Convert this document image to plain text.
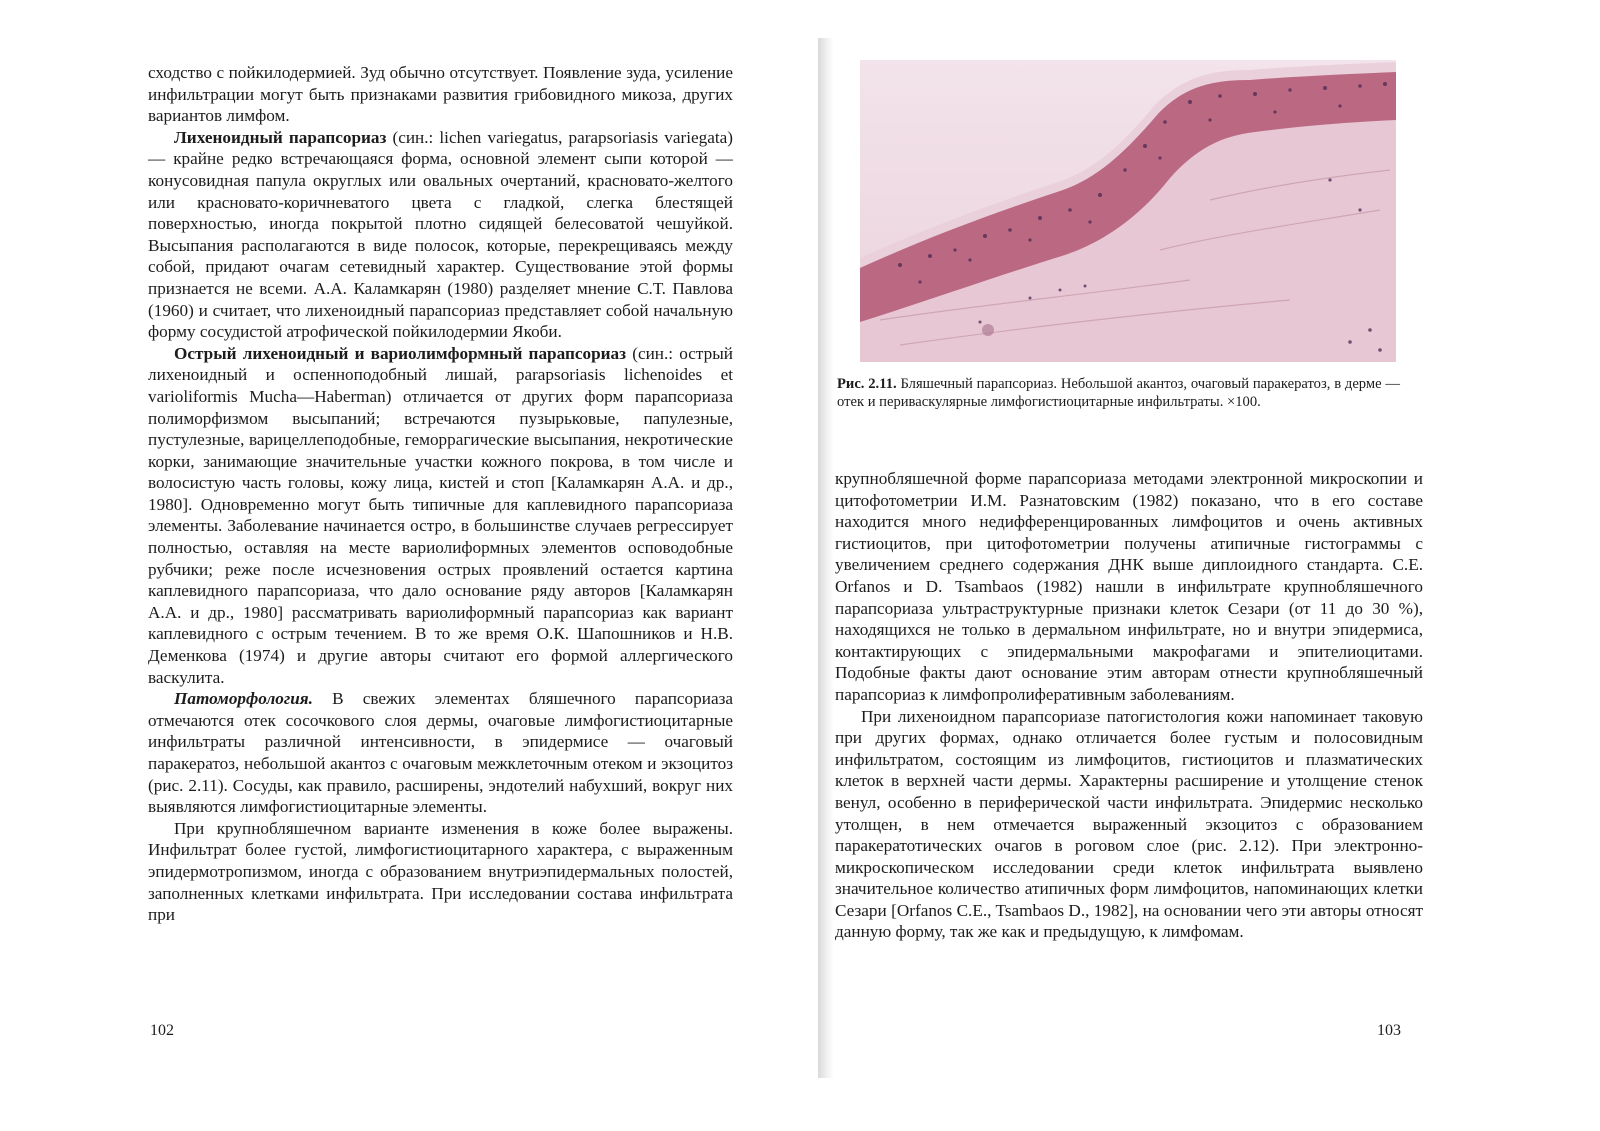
сходство с пойкилодермией. Зуд обычно отсутствует. Появление зуда, усиление инфильтрации могут быть признаками развития грибовидного микоза, других вариантов лимфом.

Лихеноидный парапсориаз (син.: lichen variegatus, parapsoriasis variegata) — крайне редко встречающаяся форма, основной элемент сыпи которой — конусовидная папула округлых или овальных очертаний, красновато-желтого или красновато-коричневатого цвета с гладкой, слегка блестящей поверхностью, иногда покрытой плотно сидящей белесоватой чешуйкой. Высыпания располагаются в виде полосок, которые, перекрещиваясь между собой, придают очагам сетевидный характер. Существование этой формы признается не всеми. А.А. Каламкарян (1980) разделяет мнение С.Т. Павлова (1960) и считает, что лихеноидный парапсориаз представляет собой начальную форму сосудистой атрофической пойкилодермии Якоби.

Острый лихеноидный и вариолимформный парапсориаз (син.: острый лихеноидный и оспенноподобный лишай, parapsoriasis lichenoides et varioliformis Mucha—Haberman) отличается от других форм парапсориаза полиморфизмом высыпаний; встречаются пузырьковые, папулезные, пустулезные, варицеллеподобные, геморрагические высыпания, некротические корки, занимающие значительные участки кожного покрова, в том числе и волосистую часть головы, кожу лица, кистей и стоп [Каламкарян А.А. и др., 1980]. Одновременно могут быть типичные для каплевидного парапсориаза элементы. Заболевание начинается остро, в большинстве случаев регрессирует полностью, оставляя на месте вариолиформных элементов осповодобные рубчики; реже после исчезновения острых проявлений остается картина каплевидного парапсориаза, что дало основание ряду авторов [Каламкарян А.А. и др., 1980] рассматривать вариолиформный парапсориаз как вариант каплевидного с острым течением. В то же время О.К. Шапошников и Н.В. Деменкова (1974) и другие авторы считают его формой аллергического васкулита.

Патоморфология. В свежих элементах бляшечного парапсориаза отмечаются отек сосочкового слоя дермы, очаговые лимфогистиоцитарные инфильтраты различной интенсивности, в эпидермисе — очаговый паракератоз, небольшой акантоз с очаговым межклеточным отеком и экзоцитоз (рис. 2.11). Сосуды, как правило, расширены, эндотелий набухший, вокруг них выявляются лимфогистиоцитарные элементы.

При крупнобляшечном варианте изменения в коже более выражены. Инфильтрат более густой, лимфогистиоцитарного характера, с выраженным эпидермотропизмом, иногда с образованием внутриэпидермальных полостей, заполненных клетками инфильтрата. При исследовании состава инфильтрата при

102

Рис. 2.11. Бляшечный парапсориаз. Небольшой акантоз, очаговый паракератоз, в дерме — отек и периваскулярные лимфогистиоцитарные инфильтраты. ×100.

крупнобляшечной форме парапсориаза методами электронной микроскопии и цитофотометрии И.М. Разнатовским (1982) показано, что в его составе находится много недифференцированных лимфоцитов и очень активных гистиоцитов, при цитофотометрии получены атипичные гистограммы с увеличением среднего содержания ДНК выше диплоидного стандарта. С.Е. Orfanos и D. Tsambaos (1982) нашли в инфильтрате крупнобляшечного парапсориаза ультраструктурные признаки клеток Сезари (от 11 до 30 %), находящихся не только в дермальном инфильтрате, но и внутри эпидермиса, контактирующих с эпидермальными макрофагами и эпителиоцитами. Подобные факты дают основание этим авторам отнести крупнобляшечный парапсориаз к лимфопролиферативным заболеваниям.

При лихеноидном парапсориазе патогистология кожи напоминает таковую при других формах, однако отличается более густым и полосовидным инфильтратом, состоящим из лимфоцитов, гистиоцитов и плазматических клеток в верхней части дермы. Характерны расширение и утолщение стенок венул, особенно в периферической части инфильтрата. Эпидермис несколько утолщен, в нем отмечается выраженный экзоцитоз с образованием паракератотических очагов в роговом слое (рис. 2.12). При электронно-микроскопическом исследовании среди клеток инфильтрата выявлено значительное количество атипичных форм лимфоцитов, напоминающих клетки Сезари [Orfanos C.E., Tsambaos D., 1982], на основании чего эти авторы относят данную форму, так же как и предыдущую, к лимфомам.

103
